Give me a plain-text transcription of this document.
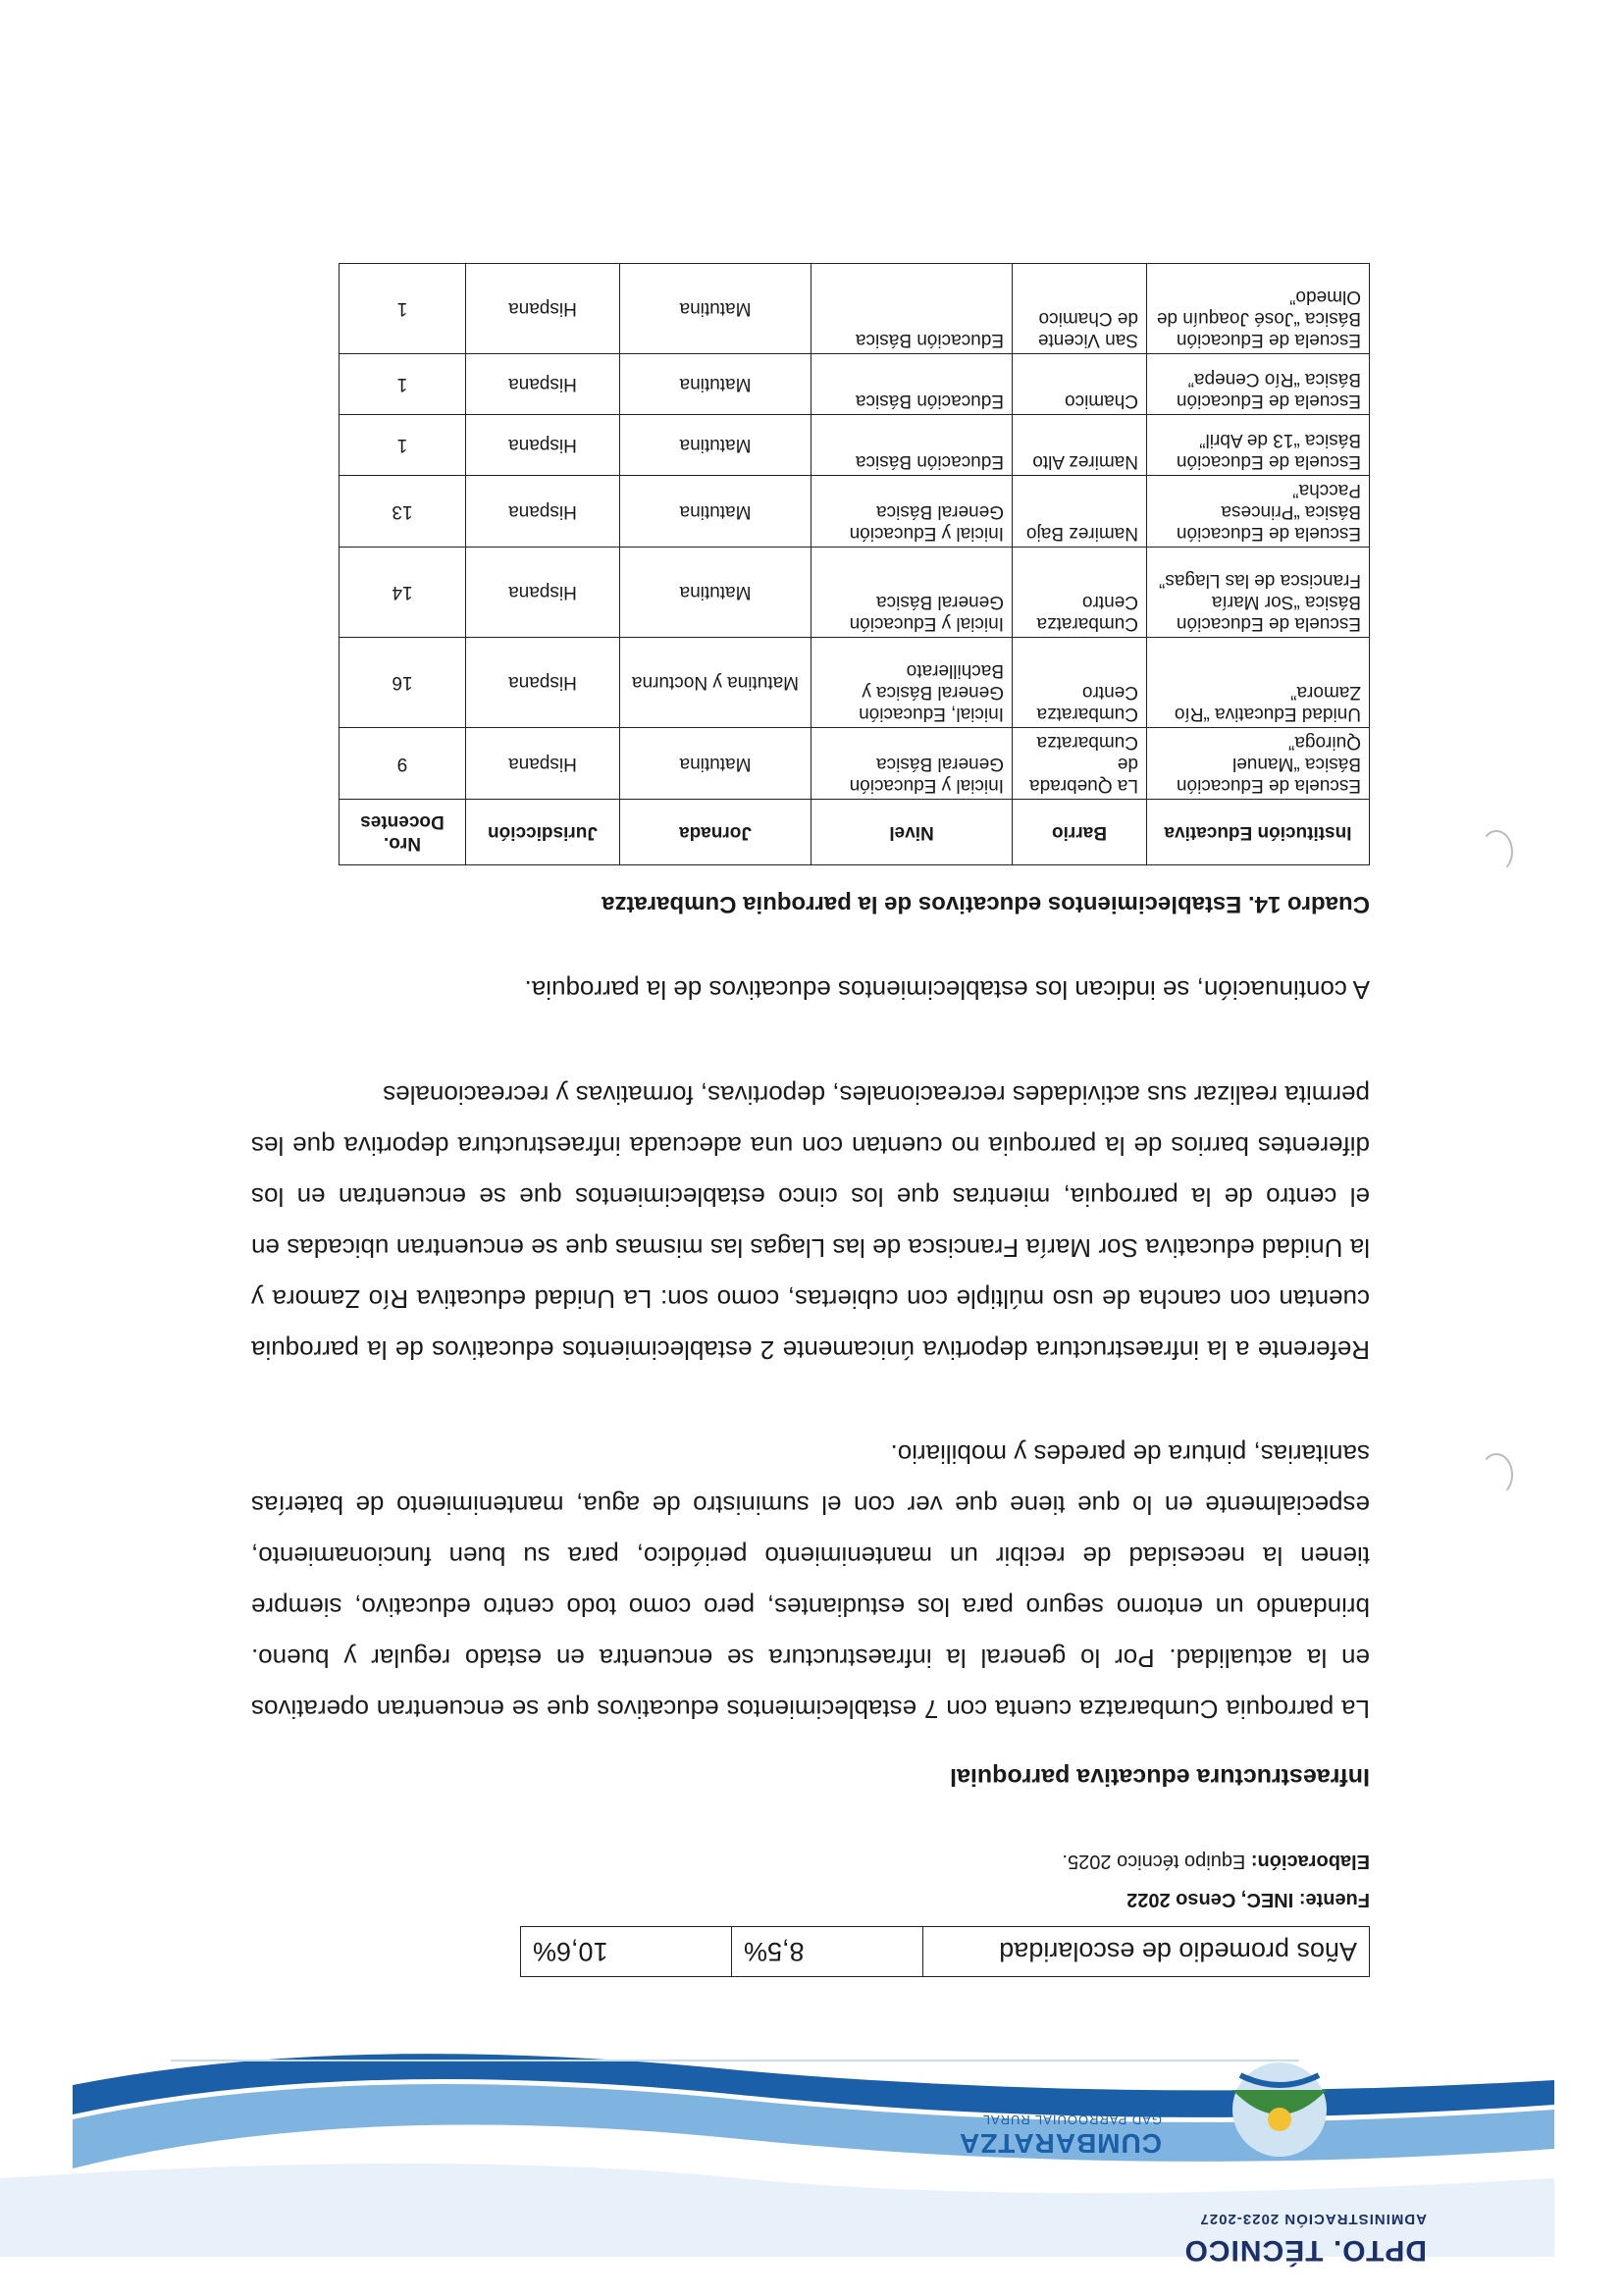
DPTO. TÉCNICO
ADMINISTRACIÓN 2023-2027
CUMBARATZA
GAD PARROQUIAL RURAL
Años promedio de escolaridad	8,5%	10,6%
Fuente: INEC, Censo 2022
Elaboración: Equipo técnico 2025.
Infraestructura educativa parroquial
La parroquia Cumbaratza cuenta con 7 establecimientos educativos que se encuentran operativos en la actualidad. Por lo general la infraestructura se encuentra en estado regular y bueno. brindando un entorno seguro para los estudiantes, pero como todo centro educativo, siempre tienen la necesidad de recibir un mantenimiento periódico, para su buen funcionamiento, especialmente en lo que tiene que ver con el suministro de agua, mantenimiento de baterías sanitarias, pintura de paredes y mobiliario.
Referente a la infraestructura deportiva únicamente 2 establecimientos educativos de la parroquia cuentan con cancha de uso múltiple con cubiertas, como son: La Unidad educativa Río Zamora y la Unidad educativa Sor María Francisca de las Llagas las mismas que se encuentran ubicadas en el centro de la parroquia, mientras que los cinco establecimientos que se encuentran en los diferentes barrios de la parroquia no cuentan con una adecuada infraestructura deportiva que les permita realizar sus actividades recreacionales, deportivas, formativas y recreacionales
A continuación, se indican los establecimientos educativos de la parroquia.
Cuadro 14. Establecimientos educativos de la parroquia Cumbaratza
Institución Educativa	Barrio	Nivel	Jornada	Jurisdicción	Nro. Docentes
Escuela de Educación Básica “Manuel Quiroga”	La Quebrada de Cumbaratza	Inicial y Educación General Básica	Matutina	Hispana	9
Unidad Educativa “Río Zamora”	Cumbaratza Centro	Inicial, Educación General Básica y Bachillerato	Matutina y Nocturna	Hispana	16
Escuela de Educación Básica “Sor María Francisca de las Llagas”	Cumbaratza Centro	Inicial y Educación General Básica	Matutina	Hispana	14
Escuela de Educación Básica “Princesa Paccha”	Namirez Bajo	Inicial y Educación General Básica	Matutina	Hispana	13
Escuela de Educación Básica “13 de Abril”	Namirez Alto	Educación Básica	Matutina	Hispana	1
Escuela de Educación Básica “Río Cenepa”	Chamico	Educación Básica	Matutina	Hispana	1
Escuela de Educación Básica “José Joaquín de Olmedo”	San Vicente de Chamico	Educación Básica	Matutina	Hispana	1
